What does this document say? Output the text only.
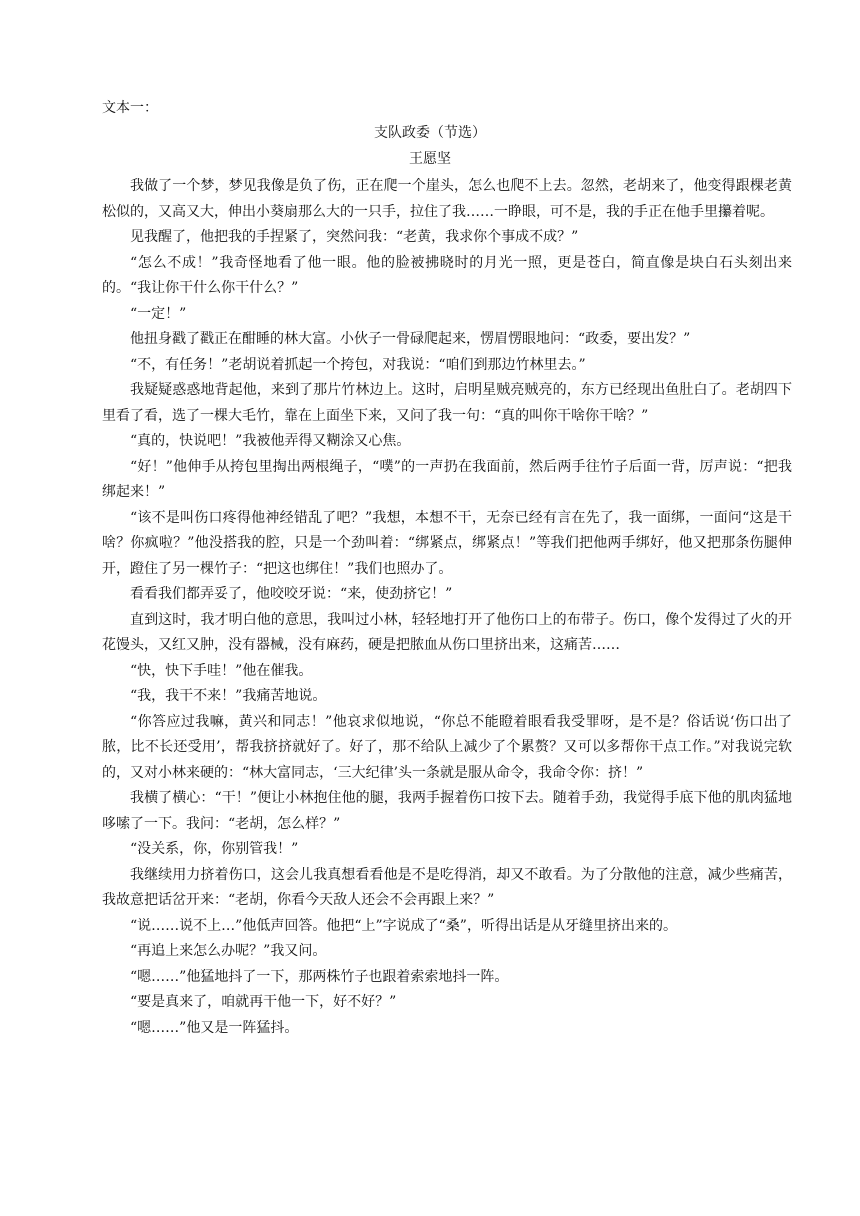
文本一：
支队政委（节选）
王愿坚

我做了一个梦，梦见我像是负了伤，正在爬一个崖头，怎么也爬不上去。忽然，老胡来了，他变得跟棵老黄松似的，又高又大，伸出小葵扇那么大的一只手，拉住了我……一睁眼，可不是，我的手正在他手里攥着呢。

见我醒了，他把我的手捏紧了，突然问我：“老黄，我求你个事成不成？”

“怎么不成！”我奇怪地看了他一眼。他的脸被拂晓时的月光一照，更是苍白，简直像是块白石头刻出来的。“我让你干什么你干什么？”

“一定！”

他扭身戳了戳正在酣睡的林大富。小伙子一骨碌爬起来，愣眉愣眼地问：“政委，要出发？”

“不，有任务！”老胡说着抓起一个挎包，对我说：“咱们到那边竹林里去。”

我疑疑惑惑地背起他，来到了那片竹林边上。这时，启明星贼亮贼亮的，东方已经现出鱼肚白了。老胡四下里看了看，选了一棵大毛竹，靠在上面坐下来，又问了我一句：“真的叫你干啥你干啥？”

“真的，快说吧！”我被他弄得又糊涂又心焦。

“好！”他伸手从挎包里掏出两根绳子，“噗”的一声扔在我面前，然后两手往竹子后面一背，厉声说：“把我绑起来！”

“该不是叫伤口疼得他神经错乱了吧？”我想，本想不干，无奈已经有言在先了，我一面绑，一面问“这是干啥？你疯啦？”他没搭我的腔，只是一个劲叫着：“绑紧点，绑紧点！”等我们把他两手绑好，他又把那条伤腿伸开，蹬住了另一棵竹子：“把这也绑住！”我们也照办了。

看看我们都弄妥了，他咬咬牙说：“来，使劲挤它！”

直到这时，我才明白他的意思，我叫过小林，轻轻地打开了他伤口上的布带子。伤口，像个发得过了火的开花馒头，又红又肿，没有器械，没有麻药，硬是把脓血从伤口里挤出来，这痛苦……

“快，快下手哇！”他在催我。

“我，我干不来！”我痛苦地说。

“你答应过我嘛，黄兴和同志！”他哀求似地说，“你总不能瞪着眼看我受罪呀，是不是？俗话说‘伤口出了脓，比不长还受用’，帮我挤挤就好了。好了，那不给队上减少了个累赘？又可以多帮你干点工作。”对我说完软的，又对小林来硬的：“林大富同志，‘三大纪律’头一条就是服从命令，我命令你：挤！”

我横了横心：“干！”便让小林抱住他的腿，我两手握着伤口按下去。随着手劲，我觉得手底下他的肌肉猛地哆嗦了一下。我问：“老胡，怎么样？”

“没关系，你，你别管我！”

我继续用力挤着伤口，这会儿我真想看看他是不是吃得消，却又不敢看。为了分散他的注意，减少些痛苦，我故意把话岔开来：“老胡，你看今天敌人还会不会再跟上来？”

“说……说不上…”他低声回答。他把“上”字说成了“桑”，听得出话是从牙缝里挤出来的。

“再追上来怎么办呢？”我又问。

“嗯……”他猛地抖了一下，那两株竹子也跟着索索地抖一阵。

“要是真来了，咱就再干他一下，好不好？”

“嗯……”他又是一阵猛抖。
